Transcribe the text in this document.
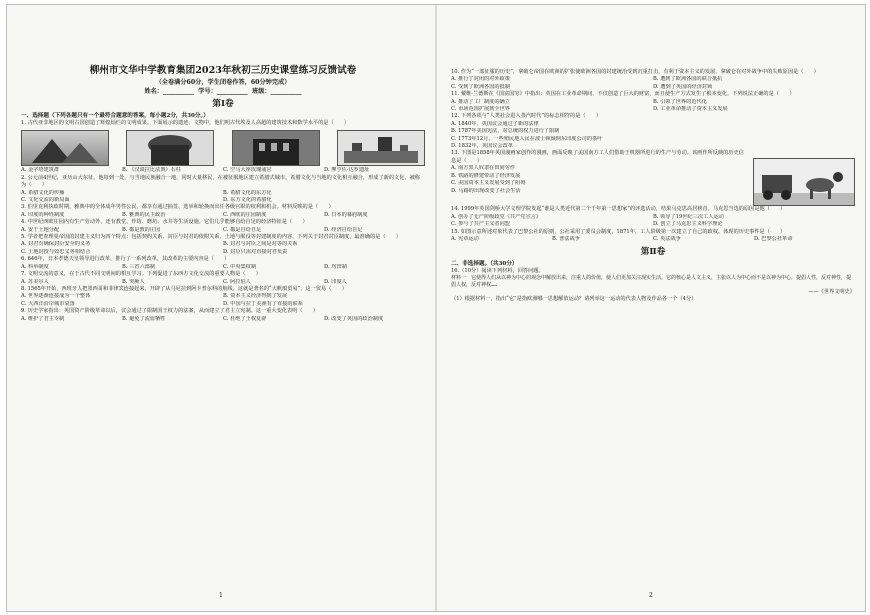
柳州市文华中学教育集团2023年秋初三历史课堂练习反馈试卷
（全卷满分60分，学生闭卷作答，60分钟完成）
姓名：__________ 学号：__________ 班级：__________
第Ⅰ卷
一、选择题（下列各题只有一个最符合题意的答案，每小题2分，共30分。）
1. 古代亚非地区的文明古国创造了辉煌灿烂的文明成果。下面展示的遗迹、文物中，他们明古代埃及人高超的建筑技术和数学水平的是（　　）
A. 金字塔建筑群	B. 《汉谟拉比法典》石柱	C. 空马大座玫瑰浦宫	D. 摩亨佐·达罗遗址
2. 公元前4世纪，亚历山大东征，他每到一处，与当地民族融合一地，同时大量移民，在被征服地区建立希腊式城市，希腊文化与当地的文化相互融合，形成了新的文化，被称为（　　）
A. 希腊文化的传播	B. 希腊文化的东方化
C. 文化交流的新局面	D. 东方文化的希腊化
3. 伯里克利执政时期，雅典中的全体成年男性公民，都享有通过抽签、选举和轮换而出任各级官职的权利和机会。材料反映的是（　　）
A. 印度的种姓制度	B. 雅典的民主政治	C. 西欧的庄园制度	D. 日本的幕府制度
4. 中世纪西欧庄园内有生产劳动外，还有教堂、作坊、磨坊、水井等生活设施。它们几乎能够自给自足的经济特征是（　　）
A. 安于土地分配	B. 都是教的庄园	C. 都是自给自足	D. 经济自给自足
5. 学者把查理曼帝国的封建主义归为四个特点：包括契约关系、封臣与封君的依附关系、土地与服役等封建制度的内容，下列关于封君封臣制度，最准确的是（　　）
A. 封君有确保封臣安全的义务	B. 封君与封臣之间是对等的关系
C. 土地封授与效忠义务相结合	D. 封臣只需对直接封君负责
6. 646年，日本孝德天皇领导进行改革，推行了一系列改革，其改革的主要内容是（　　）
A. 科举制度	B. 三省六部制	C. 中央集权制	D. 均田制
7. 文明交流的意义，在于古代不同文明间的相互学习。下列促进了东西方文化交流的重要人物是（　　）
A. 苏美尔人	B. 突厥人	C. 阿拉伯人	D. 印度人
8. 1565年开始，西班牙人把墨西哥和菲律宾连接起来，开辟了从马尼拉到阿卡普尔科的航线，这就是著名的“大帆船贸易”，这一贸易（　　）
A. 世界逐渐连接成为一个整体	B. 资本主义经济得到了发展
C. 大西洋沿岸城市衰落	D. 中国与拉丁美洲有了直接的联系
9. 历史学家指出：英国资产阶级革命以后，议会通过了限制国王权力的法案，从而建立了君主立宪制。这一重大变化表明（　　）
A. 维护了君主专制	B. 避免了流血牺牲	C. 杜绝了王权复辟	D. 改变了英国的政治制度
1
10. 作为“一部征服的历史”，拿破仑帝国在欧洲的扩张使欧洲各国的封建统治受到沉重打击，有利于资本主义的发展，拿破仑在对外战争中的失败原因是（　　）
A. 推行了封闭的对外政策	B. 遭到了欧洲各国的联合抵抗
C. 受到了欧洲各国的抵制	D. 遭到了英国的经济封锁
11. 戴维·兰德斯在《国富国穷》中指出：英国在工业革命期间，不仅创造了巨大的财富，而且使生产方式发生了根本变化。下列说法正确的是（　　）
A. 推动了工厂制度的确立	B. 引领了世界的近代化
C. 市场范围扩展到全世界	D. 工业革命推动了资本主义发展
12. 下列各项与“人类社会进入蒸汽时代”的标志相符的是（　　）
A. 1840年，英国议会通过了新的法律
B. 1787年美国宪法，对总统的权力进行了限制
C. 1773年12月，一些殖民地人民在波士顿倾倒东印度公司的茶叶
D. 1832年，英国议会改革
13. 下图是1858年英国漫画家创作的漫画，画面反映了美国南方工人们借助于机器所进行的生产与劳动。该画作所反映的历史信息是（　　）
A. 南方黑人奴隶在田间劳作
B. 铁路的修建带动了经济发展
C. 美国资本主义发展受到了阻碍
D. 马路的出现改变了社会生活
14. 1999年英国剑桥大学文理学院发起“谁是人类近代第二个千年第一思想家”的评选活动，结果马克思高居榜首。马克思当选的原因是他（　　）
A. 创办了无产阶级政党《共产党宣言》	B. 领导了19世纪三次工人运动
C. 参与了共产主义者同盟	D. 创立了马克思主义科学理论
15. 如图示意所述对象代表了巴黎公社的原则，公社采用了委员会制度，1871年，工人阶级第一次建立了自己的政权。体现的历史事件是（　　）
A. 宪章运动	B. 普法战争	C. 英法战争	D. 巴黎公社革命
第Ⅱ卷
二、非选择题。（共30分）
16.（10分）阅读下列材料，回答问题。
材料一　它使得人们从以神为中心的观念中解放出来，注重人的价值，使人们更加关注现实生活。它的核心是人文主义，主张以人为中心而不是以神为中心，提倡人性，反对神性，提倡人权，反对神权……
——《世界文明史》
（1）根据材料一，指出“它”是指欧洲哪一思想解放运动？请列举这一运动的代表人物及作品各一个（4分）
2
